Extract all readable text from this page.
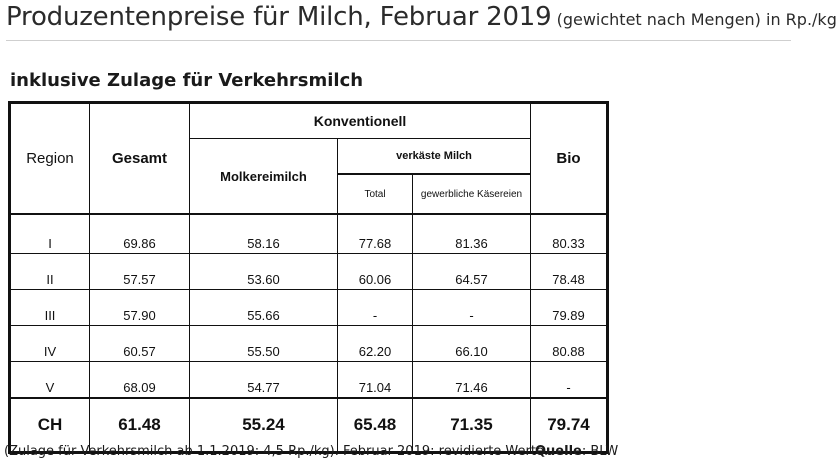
Produzentenpreise für Milch, Februar 2019 (gewichtet nach Mengen) in Rp./kg
inklusive Zulage für Verkehrsmilch
Region	Gesamt	Konventionell			Bio
		Molkereimilch	verkäste Milch		
			Total	gewerbliche Käsereien	
I	69.86	58.16	77.68	81.36	80.33
II	57.57	53.60	60.06	64.57	78.48
III	57.90	55.66	-	-	79.89
IV	60.57	55.50	62.20	66.10	80.88
V	68.09	54.77	71.04	71.46	-
CH	61.48	55.24	65.48	71.35	79.74
(Zulage für Verkehrsmilch ab 1.1.2019: 4,5 Rp./kg). Februar 2019: revidierte Werte.
Quelle: BLW
